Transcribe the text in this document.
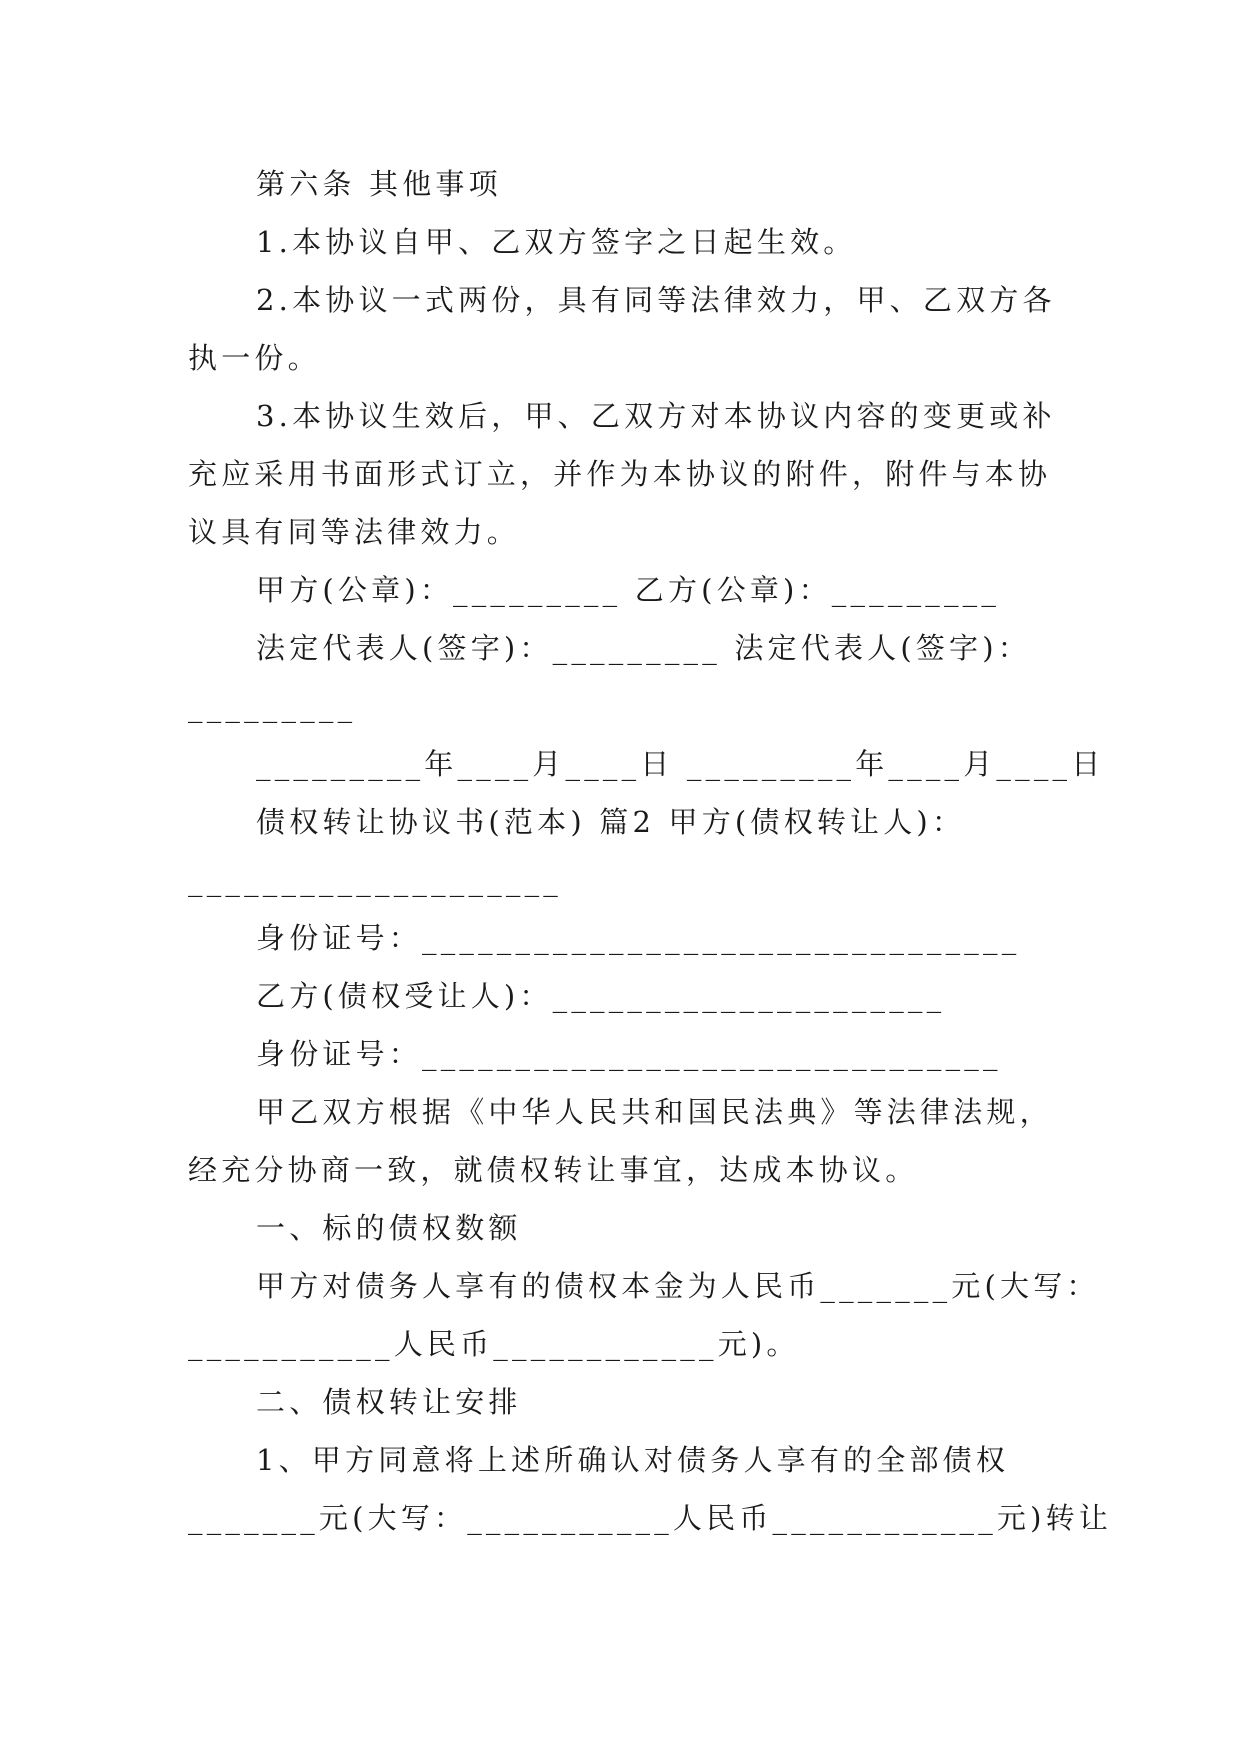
第六条 其他事项
1.本协议自甲、乙双方签字之日起生效。
2.本协议一式两份，具有同等法律效力，甲、乙双方各
执一份。
3.本协议生效后，甲、乙双方对本协议内容的变更或补
充应采用书面形式订立，并作为本协议的附件，附件与本协
议具有同等法律效力。
甲方(公章)：_________ 乙方(公章)：_________
法定代表人(签字)：_________ 法定代表人(签字)：
_________
_________年____月____日 _________年____月____日
债权转让协议书(范本) 篇2 甲方(债权转让人)：
____________________
身份证号：________________________________
乙方(债权受让人)：_____________________
身份证号：_______________________________
甲乙双方根据《中华人民共和国民法典》等法律法规，
经充分协商一致，就债权转让事宜，达成本协议。
一、标的债权数额
甲方对债务人享有的债权本金为人民币_______元(大写：
___________人民币____________元)。
二、债权转让安排
1、甲方同意将上述所确认对债务人享有的全部债权
_______元(大写：___________人民币____________元)转让
